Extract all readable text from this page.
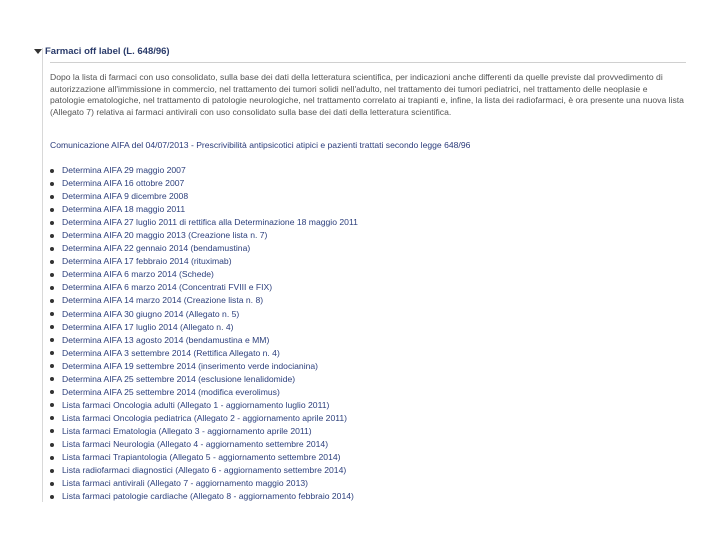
Farmaci off label (L. 648/96)

Dopo la lista di farmaci con uso consolidato, sulla base dei dati della letteratura scientifica, per indicazioni anche differenti da quelle previste dal provvedimento di autorizzazione all'immissione in commercio, nel trattamento dei tumori solidi nell'adulto, nel trattamento dei tumori pediatrici, nel trattamento delle neoplasie e patologie ematologiche, nel trattamento di patologie neurologiche, nel trattamento correlato ai trapianti e, infine, la lista dei radiofarmaci, è ora presente una nuova lista (Allegato 7) relativa ai farmaci antivirali con uso consolidato sulla base dei dati della letteratura scientifica.

Comunicazione AIFA del 04/07/2013 - Prescrivibilità antipsicotici atipici e pazienti trattati secondo legge 648/96

Determina AIFA 29 maggio 2007
Determina AIFA 16 ottobre 2007
Determina AIFA 9 dicembre 2008
Determina AIFA 18 maggio 2011
Determina AIFA 27 luglio 2011 di rettifica alla Determinazione 18 maggio 2011
Determina AIFA 20 maggio 2013 (Creazione lista n. 7)
Determina AIFA 22 gennaio 2014 (bendamustina)
Determina AIFA 17 febbraio 2014 (rituximab)
Determina AIFA 6 marzo 2014 (Schede)
Determina AIFA 6 marzo 2014 (Concentrati FVIII e FIX)
Determina AIFA 14 marzo 2014 (Creazione lista n. 8)
Determina AIFA 30 giugno 2014 (Allegato n. 5)
Determina AIFA 17 luglio 2014 (Allegato n. 4)
Determina AIFA 13 agosto 2014 (bendamustina e MM)
Determina AIFA 3 settembre 2014 (Rettifica Allegato n. 4)
Determina AIFA 19 settembre 2014 (inserimento verde indocianina)
Determina AIFA 25 settembre 2014 (esclusione lenalidomide)
Determina AIFA 25 settembre 2014 (modifica everolimus)
Lista farmaci Oncologia adulti (Allegato 1 - aggiornamento luglio 2011)
Lista farmaci Oncologia pediatrica (Allegato 2 - aggiornamento aprile 2011)
Lista farmaci Ematologia (Allegato 3 - aggiornamento aprile 2011)
Lista farmaci Neurologia (Allegato 4 - aggiornamento settembre 2014)
Lista farmaci Trapiantologia (Allegato 5 - aggiornamento settembre 2014)
Lista radiofarmaci diagnostici (Allegato 6 - aggiornamento settembre 2014)
Lista farmaci antivirali (Allegato 7 - aggiornamento maggio 2013)
Lista farmaci patologie cardiache (Allegato 8 - aggiornamento febbraio 2014)
